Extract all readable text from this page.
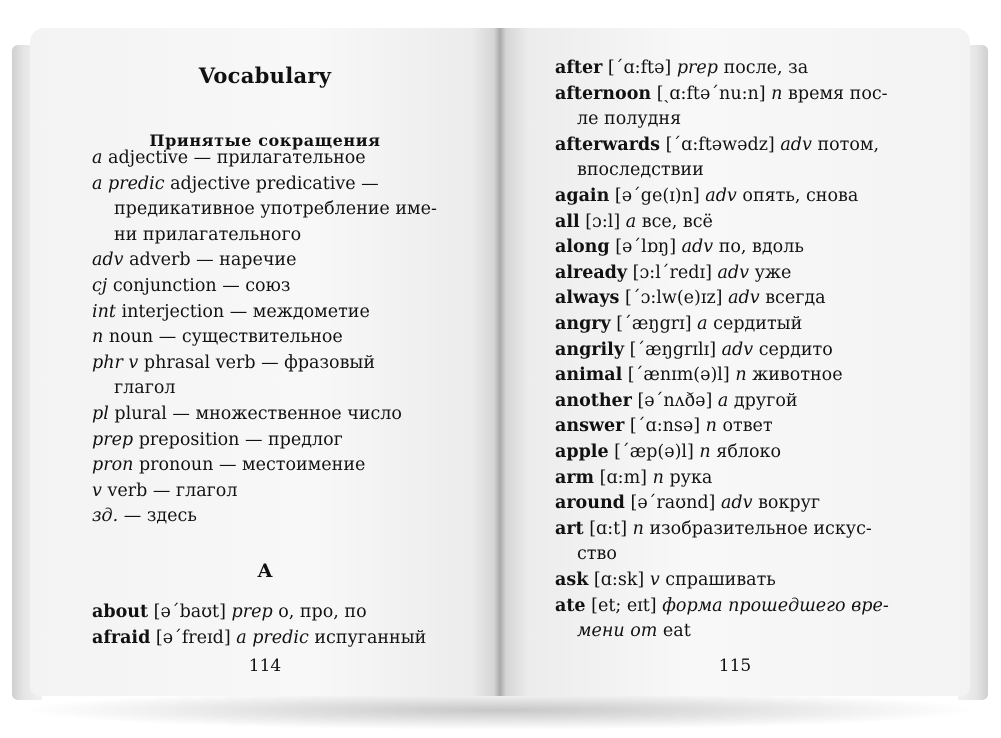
Vocabulary
Принятые сокращения
a adjective — прилагательное
a predic adjective predicative —
предикативное употребление име-
ни прилагательного
adv adverb — наречие
cj conjunction — союз
int interjection — междометие
n noun — существительное
phr v phrasal verb — фразовый
глагол
pl plural — множественное число
prep preposition — предлог
pron pronoun — местоимение
v verb — глагол
зд. — здесь
A
about [əˊbaʊt] prep о, про, по
afraid [əˊfreɪd] a predic испуганный
114
after [ˊɑ:ftə] prep после, за
afternoon [ˏɑ:ftəˊnu:n] n время пос-
ле полудня
afterwards [ˊɑ:ftəwədz] adv потом,
впоследствии
again [əˊge(ɪ)n] adv опять, снова
all [ɔ:l] a все, всё
along [əˊlɒŋ] adv по, вдоль
already [ɔ:lˊredɪ] adv уже
always [ˊɔ:lw(e)ɪz] adv всегда
angry [ˊæŋgrɪ] a сердитый
angrily [ˊæŋgrɪlɪ] adv сердито
animal [ˊænɪm(ə)l] n животное
another [əˊnʌðə] a другой
answer [ˊɑ:nsə] n ответ
apple [ˊæp(ə)l] n яблоко
arm [ɑ:m] n рука
around [əˊraʊnd] adv вокруг
art [ɑ:t] n изобразительное искус-
ство
ask [ɑ:sk] v спрашивать
ate [et; eɪt] форма прошедшего вре-
мени от eat
115
